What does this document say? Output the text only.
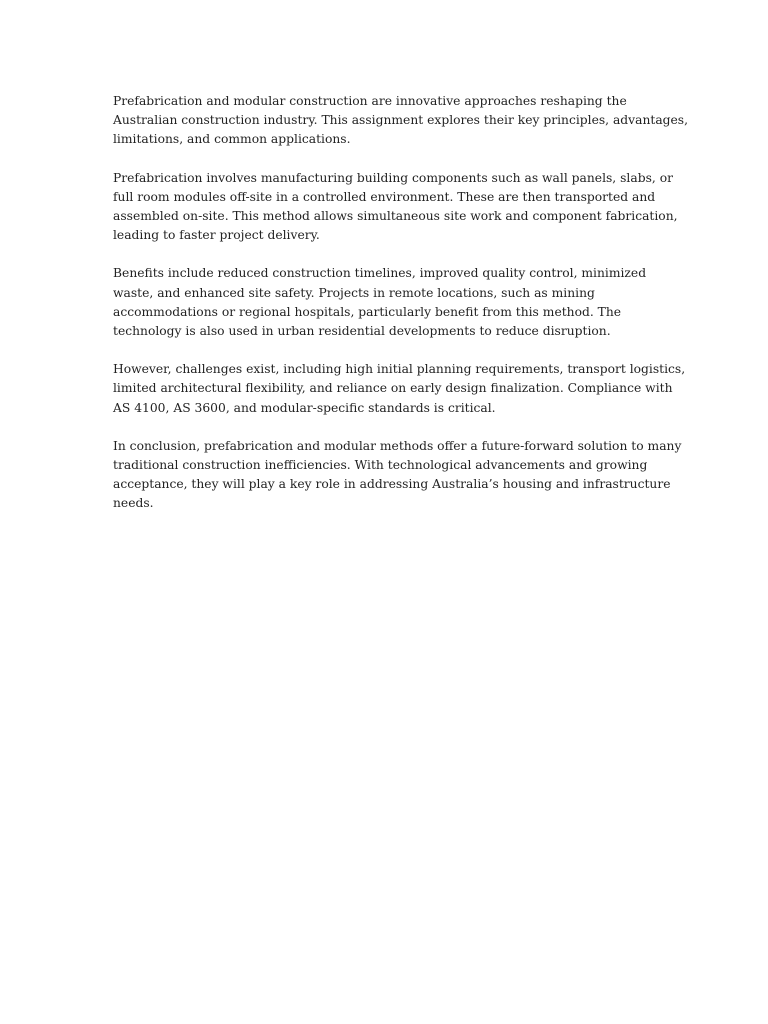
Prefabrication and modular construction are innovative approaches reshaping the
Australian construction industry. This assignment explores their key principles, advantages,
limitations, and common applications.

Prefabrication involves manufacturing building components such as wall panels, slabs, or
full room modules off-site in a controlled environment. These are then transported and
assembled on-site. This method allows simultaneous site work and component fabrication,
leading to faster project delivery.

Benefits include reduced construction timelines, improved quality control, minimized
waste, and enhanced site safety. Projects in remote locations, such as mining
accommodations or regional hospitals, particularly benefit from this method. The
technology is also used in urban residential developments to reduce disruption.

However, challenges exist, including high initial planning requirements, transport logistics,
limited architectural flexibility, and reliance on early design finalization. Compliance with
AS 4100, AS 3600, and modular-specific standards is critical.

In conclusion, prefabrication and modular methods offer a future-forward solution to many
traditional construction inefficiencies. With technological advancements and growing
acceptance, they will play a key role in addressing Australia’s housing and infrastructure
needs.
